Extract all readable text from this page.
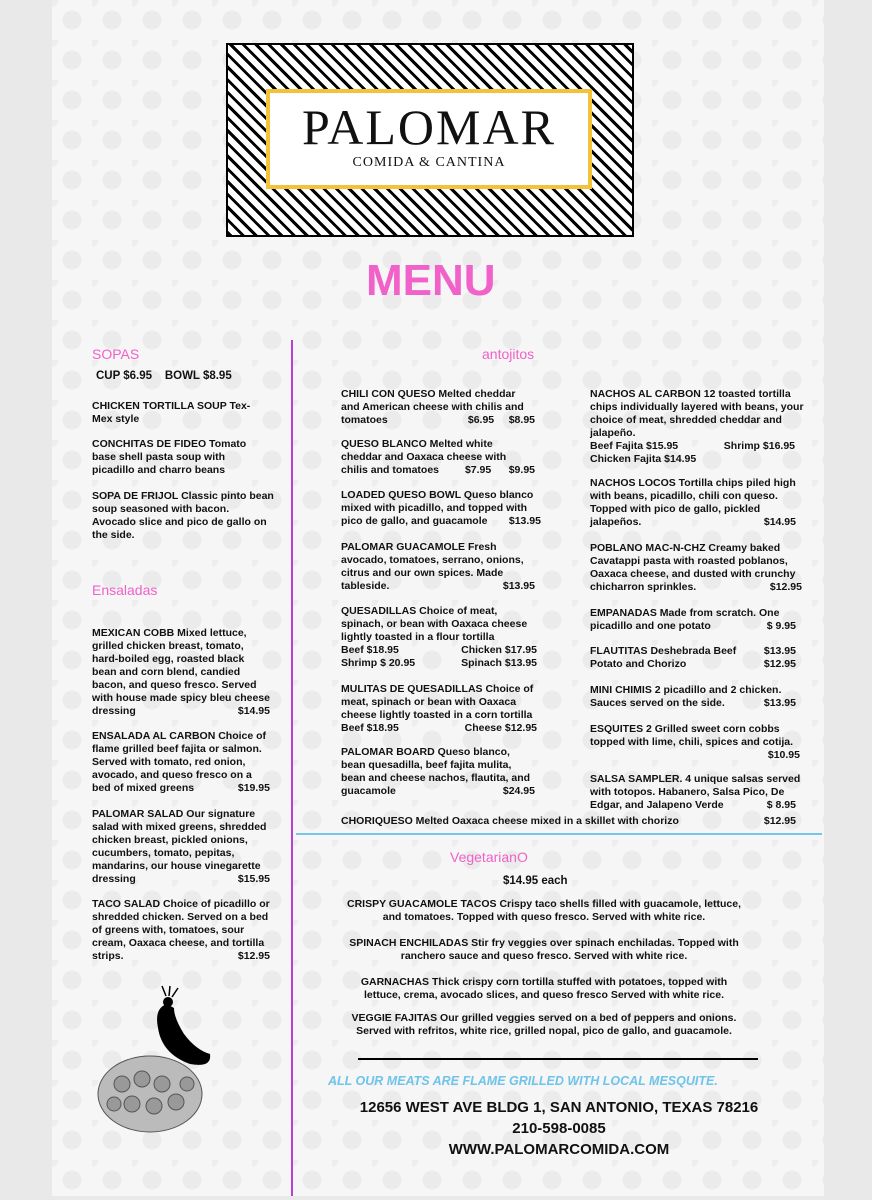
PALOMAR
COMIDA & CANTINA
MENU
SOPAS
CUP $6.95    BOWL $8.95
CHICKEN TORTILLA SOUP Tex-Mex style
CONCHITAS DE FIDEO Tomato base shell pasta soup with picadillo and charro beans
SOPA DE FRIJOL Classic pinto bean soup seasoned with bacon. Avocado slice and pico de gallo on the side.
Ensaladas
MEXICAN COBB Mixed lettuce, grilled chicken breast, tomato, hard-boiled egg, roasted black bean and corn blend, candied bacon, and queso fresco. Served with house made spicy bleu cheese dressing	$14.95
ENSALADA AL CARBON Choice of flame grilled beef fajita or salmon. Served with tomato, red onion, avocado, and queso fresco on a bed of mixed greens	$19.95
PALOMAR SALAD Our signature salad with mixed greens, shredded chicken breast, pickled onions, cucumbers, tomato, pepitas, mandarins, our house vinegarette dressing	$15.95
TACO SALAD Choice of picadillo or shredded chicken. Served on a bed of greens with, tomatoes, sour cream, Oaxaca cheese, and tortilla strips.	$12.95
antojitos
CHILI CON QUESO Melted cheddar and American cheese with chilis and tomatoes	$6.95     $8.95
QUESO BLANCO Melted white cheddar and Oaxaca cheese with chilis and tomatoes $7.95      $9.95
LOADED QUESO BOWL Queso blanco mixed with picadillo, and topped with pico de gallo, and guacamole $13.95
PALOMAR GUACAMOLE Fresh avocado, tomatoes, serrano, onions, citrus and our own spices. Made tableside.	$13.95
QUESADILLAS Choice of meat, spinach, or bean with Oaxaca cheese lightly toasted in a flour tortilla
Beef $18.95	Chicken $17.95
Shrimp $ 20.95	Spinach $13.95
MULITAS DE QUESADILLAS Choice of meat, spinach or bean with Oaxaca cheese lightly toasted in a corn tortilla
Beef $18.95	Cheese $12.95
PALOMAR BOARD Queso blanco, bean quesadilla, beef fajita mulita, bean and cheese nachos, flautita, and guacamole	$24.95
NACHOS AL CARBON 12 toasted tortilla chips individually layered with beans, your choice of meat, shredded cheddar and jalapeño.
Beef Fajita $15.95	Shrimp $16.95
Chicken Fajita $14.95
NACHOS LOCOS Tortilla chips piled high with beans, picadillo, chili con queso. Topped with pico de gallo, pickled jalapeños.	$14.95
POBLANO MAC-N-CHZ Creamy baked Cavatappi pasta with roasted poblanos, Oaxaca cheese, and dusted with crunchy chicharron sprinkles.	$12.95
EMPANADAS Made from scratch. One picadillo and one potato	$ 9.95
FLAUTITAS Deshebrada Beef	$13.95
Potato and Chorizo	$12.95
MINI CHIMIS 2 picadillo and 2 chicken. Sauces served on the side.	$13.95
ESQUITES 2 Grilled sweet corn cobbs topped with lime, chili, spices and cotija.
$10.95
SALSA SAMPLER. 4 unique salsas served with totopos. Habanero, Salsa Pico, De Edgar, and Jalapeno Verde	$ 8.95
CHORIQUESO Melted Oaxaca cheese mixed in a skillet with chorizo	$12.95
VegetarianO
$14.95 each
CRISPY GUACAMOLE TACOS Crispy taco shells filled with guacamole, lettuce, and tomatoes. Topped with queso fresco. Served with white rice.
SPINACH ENCHILADAS Stir fry veggies over spinach enchiladas. Topped with ranchero sauce and queso fresco. Served with white rice.
GARNACHAS Thick crispy corn tortilla stuffed with potatoes, topped with lettuce, crema, avocado slices, and queso fresco Served with white rice.
VEGGIE FAJITAS Our grilled veggies served on a bed of peppers and onions. Served with refritos, white rice, grilled nopal, pico de gallo, and guacamole.
ALL OUR MEATS ARE FLAME GRILLED WITH LOCAL MESQUITE.
12656 WEST AVE BLDG 1, SAN ANTONIO, TEXAS 78216
210-598-0085
WWW.PALOMARCOMIDA.COM
